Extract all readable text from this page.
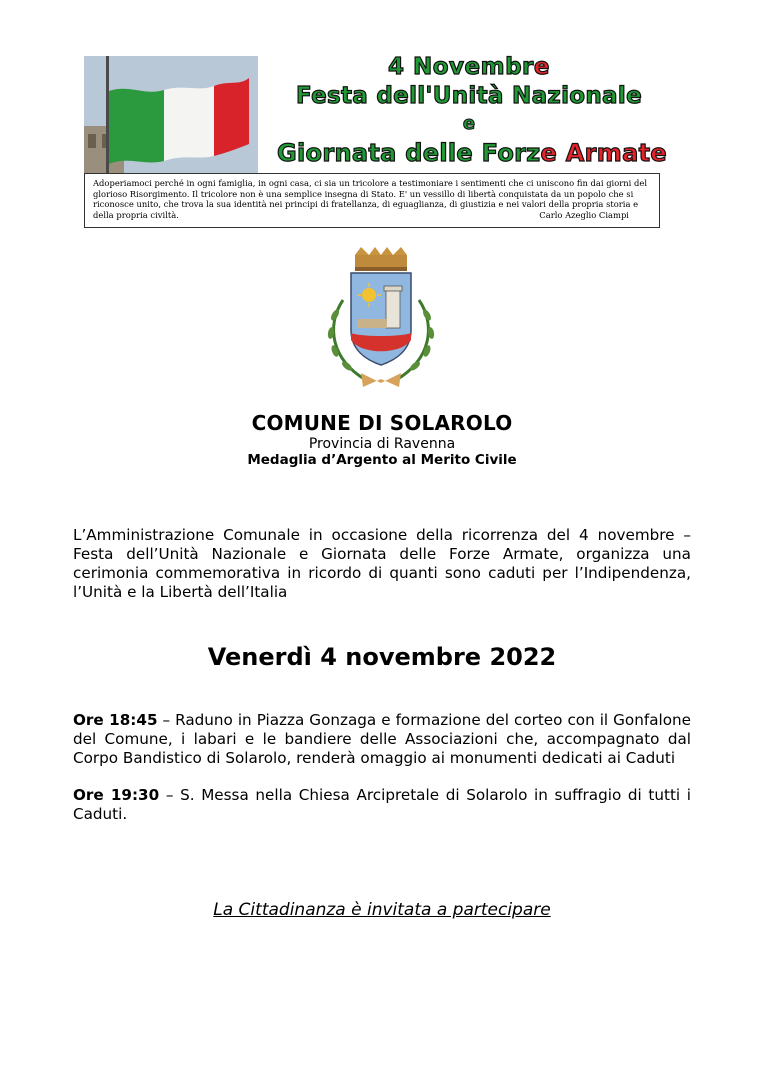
4 Novembre
Festa dell'Unità Nazionale
e
Giornata delle Forze Armate
Adoperiamoci perché in ogni famiglia, in ogni casa, ci sia un tricolore a testimoniare i sentimenti che ci uniscono fin dai giorni del glorioso Risorgimento. Il tricolore non è una semplice insegna di Stato. E' un vessillo di libertà conquistata da un popolo che si riconosce unito, che trova la sua identità nei principi di fratellanza, di eguaglianza, di giustizia e nei valori della propria storia e della propria civiltà.	Carlo Azeglio Ciampi
COMUNE DI SOLAROLO
Provincia di Ravenna
Medaglia d’Argento al Merito Civile
L’Amministrazione Comunale in occasione della ricorrenza del 4 novembre – Festa dell’Unità Nazionale e Giornata delle Forze Armate, organizza una cerimonia commemorativa in ricordo di quanti sono caduti per l’Indipendenza, l’Unità e la Libertà dell’Italia
Venerdì 4 novembre 2022
Ore 18:45 – Raduno in Piazza Gonzaga e formazione del corteo con il Gonfalone del Comune, i labari e le bandiere delle Associazioni che, accompagnato dal Corpo Bandistico di Solarolo, renderà omaggio ai monumenti dedicati ai Caduti
Ore 19:30 – S. Messa nella Chiesa Arcipretale di Solarolo in suffragio di tutti i Caduti.
La Cittadinanza è invitata a partecipare
